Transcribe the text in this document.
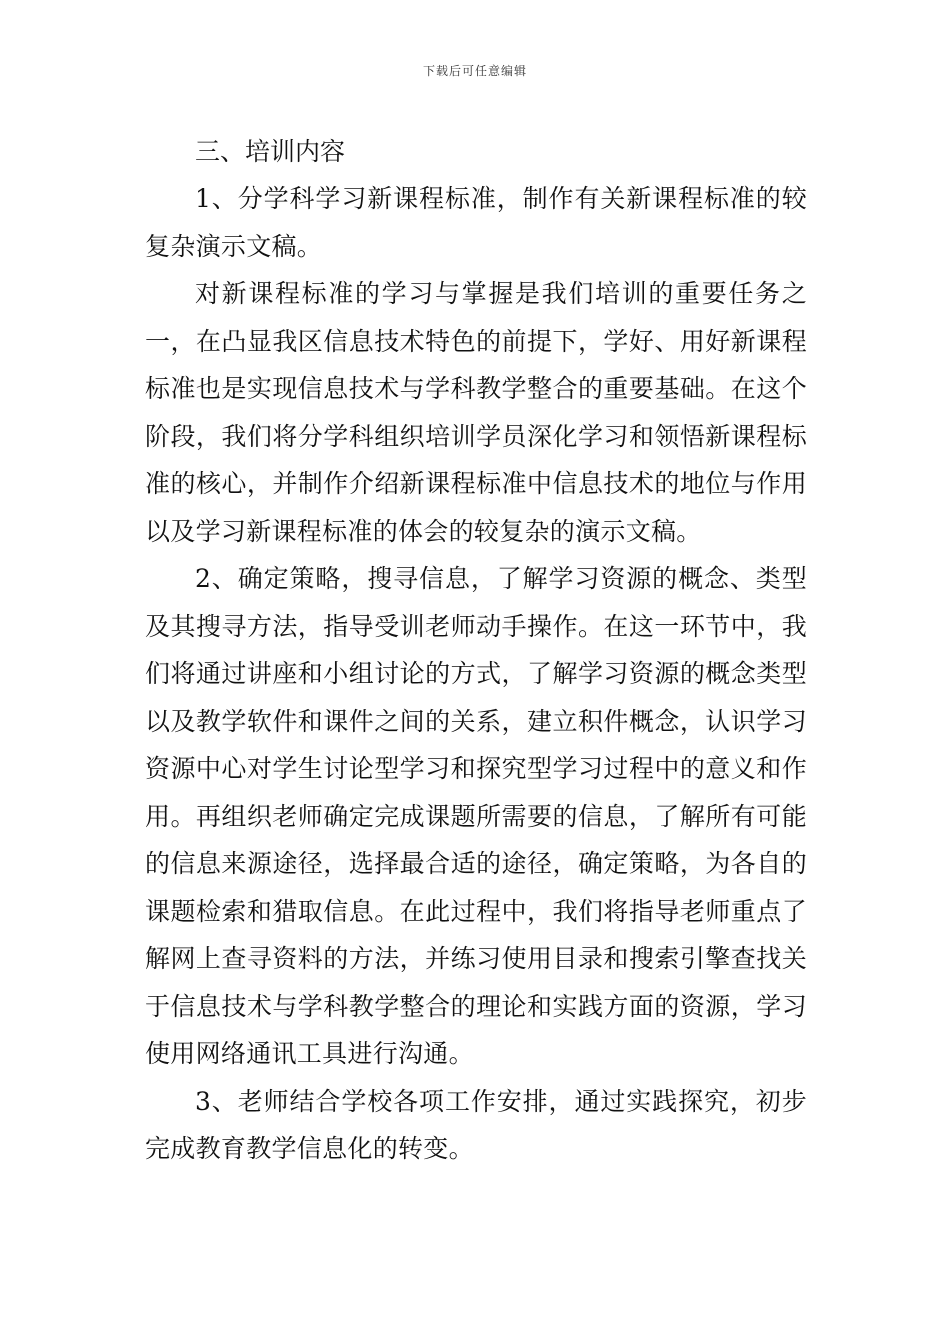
下载后可任意编辑

三、培训内容

1、分学科学习新课程标准，制作有关新课程标准的较复杂演示文稿。

对新课程标准的学习与掌握是我们培训的重要任务之一，在凸显我区信息技术特色的前提下，学好、用好新课程标准也是实现信息技术与学科教学整合的重要基础。在这个阶段，我们将分学科组织培训学员深化学习和领悟新课程标准的核心，并制作介绍新课程标准中信息技术的地位与作用以及学习新课程标准的体会的较复杂的演示文稿。

2、确定策略，搜寻信息，了解学习资源的概念、类型及其搜寻方法，指导受训老师动手操作。在这一环节中，我们将通过讲座和小组讨论的方式，了解学习资源的概念类型以及教学软件和课件之间的关系，建立积件概念，认识学习资源中心对学生讨论型学习和探究型学习过程中的意义和作用。再组织老师确定完成课题所需要的信息，了解所有可能的信息来源途径，选择最合适的途径，确定策略，为各自的课题检索和猎取信息。在此过程中，我们将指导老师重点了解网上查寻资料的方法，并练习使用目录和搜索引擎查找关于信息技术与学科教学整合的理论和实践方面的资源，学习使用网络通讯工具进行沟通。

3、老师结合学校各项工作安排，通过实践探究，初步完成教育教学信息化的转变。
